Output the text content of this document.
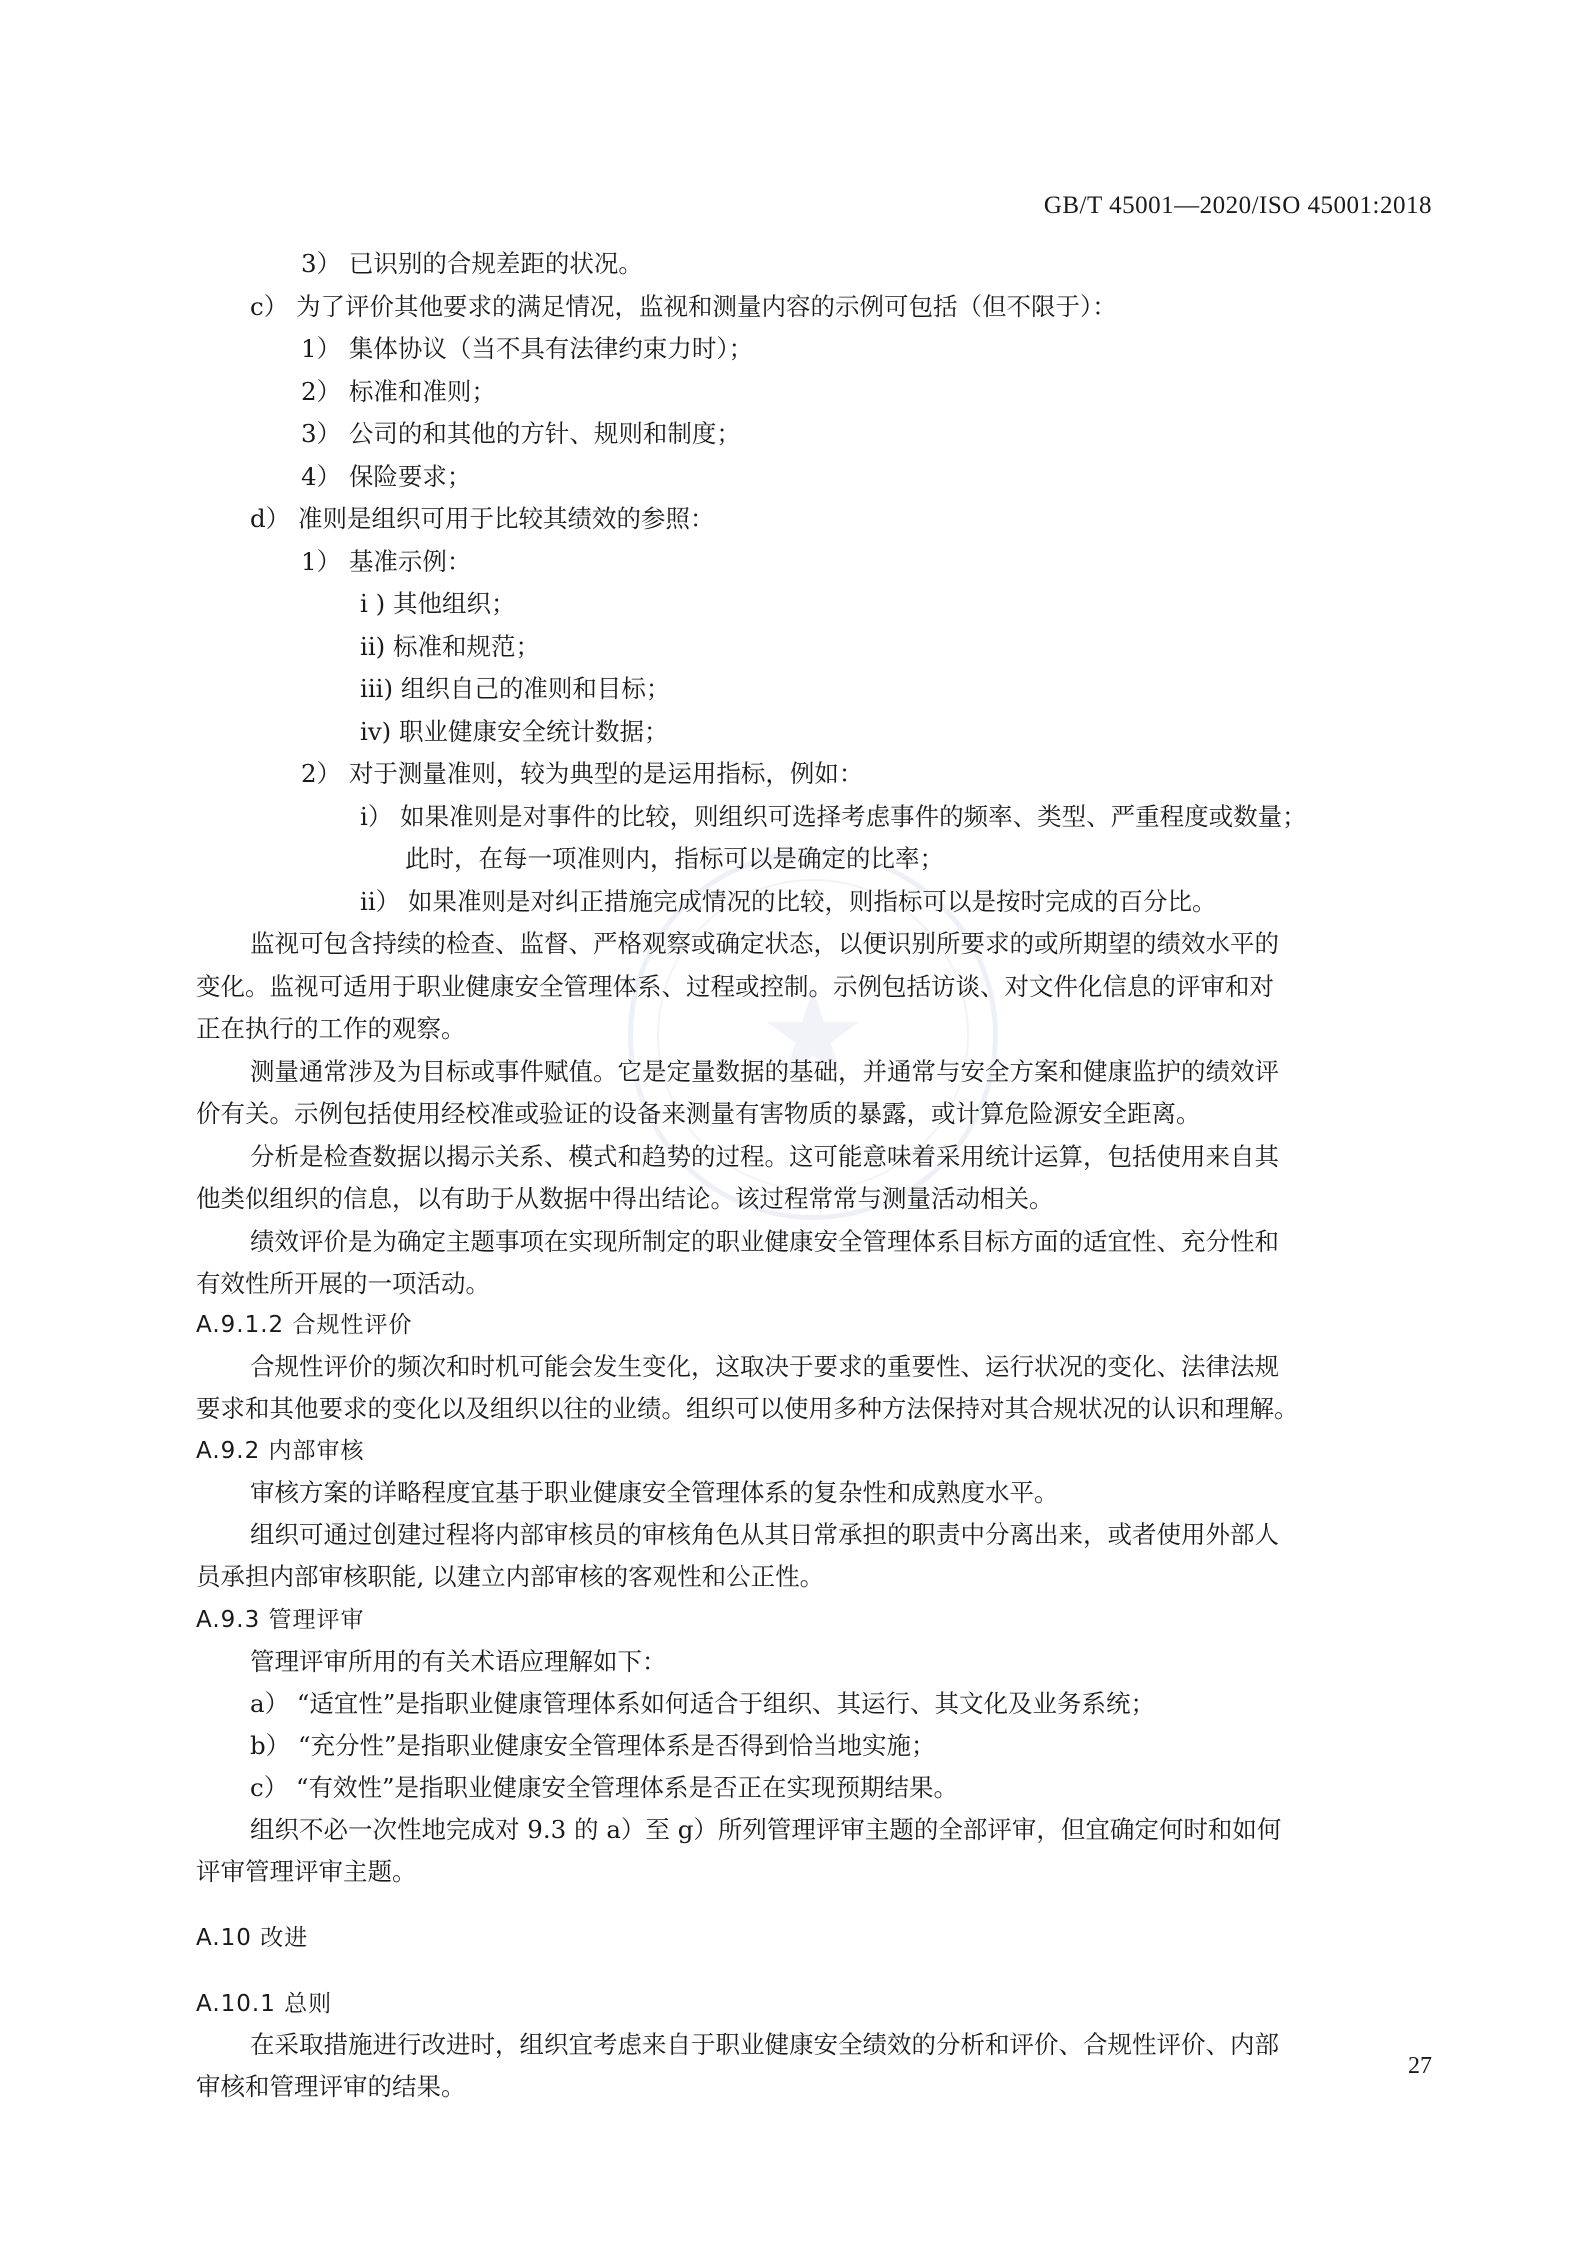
GB/T 45001—2020/ISO 45001:2018
★
3） 已识别的合规差距的状况。
c） 为了评价其他要求的满足情况，监视和测量内容的示例可包括（但不限于）：
1） 集体协议（当不具有法律约束力时）；
2） 标准和准则；
3） 公司的和其他的方针、规则和制度；
4） 保险要求；
d） 准则是组织可用于比较其绩效的参照：
1） 基准示例：
i ) 其他组织；
ii) 标准和规范；
iii) 组织自己的准则和目标；
iv) 职业健康安全统计数据；
2） 对于测量准则，较为典型的是运用指标，例如：
i） 如果准则是对事件的比较，则组织可选择考虑事件的频率、类型、严重程度或数量；
此时，在每一项准则内，指标可以是确定的比率；
ii） 如果准则是对纠正措施完成情况的比较，则指标可以是按时完成的百分比。
监视可包含持续的检查、监督、严格观察或确定状态，以便识别所要求的或所期望的绩效水平的
变化。监视可适用于职业健康安全管理体系、过程或控制。示例包括访谈、对文件化信息的评审和对
正在执行的工作的观察。
测量通常涉及为目标或事件赋值。它是定量数据的基础，并通常与安全方案和健康监护的绩效评
价有关。示例包括使用经校准或验证的设备来测量有害物质的暴露，或计算危险源安全距离。
分析是检查数据以揭示关系、模式和趋势的过程。这可能意味着采用统计运算，包括使用来自其
他类似组织的信息，以有助于从数据中得出结论。该过程常常与测量活动相关。
绩效评价是为确定主题事项在实现所制定的职业健康安全管理体系目标方面的适宜性、充分性和
有效性所开展的一项活动。
A.9.1.2 合规性评价
合规性评价的频次和时机可能会发生变化，这取决于要求的重要性、运行状况的变化、法律法规
要求和其他要求的变化以及组织以往的业绩。组织可以使用多种方法保持对其合规状况的认识和理解。
A.9.2 内部审核
审核方案的详略程度宜基于职业健康安全管理体系的复杂性和成熟度水平。
组织可通过创建过程将内部审核员的审核角色从其日常承担的职责中分离出来，或者使用外部人
员承担内部审核职能, 以建立内部审核的客观性和公正性。
A.9.3 管理评审
管理评审所用的有关术语应理解如下：
a） “适宜性”是指职业健康管理体系如何适合于组织、其运行、其文化及业务系统；
b） “充分性”是指职业健康安全管理体系是否得到恰当地实施；
c） “有效性”是指职业健康安全管理体系是否正在实现预期结果。
组织不必一次性地完成对 9.3 的 a）至 g）所列管理评审主题的全部评审，但宜确定何时和如何
评审管理评审主题。
A.10 改进
A.10.1 总则
在采取措施进行改进时，组织宜考虑来自于职业健康安全绩效的分析和评价、合规性评价、内部
审核和管理评审的结果。
27
